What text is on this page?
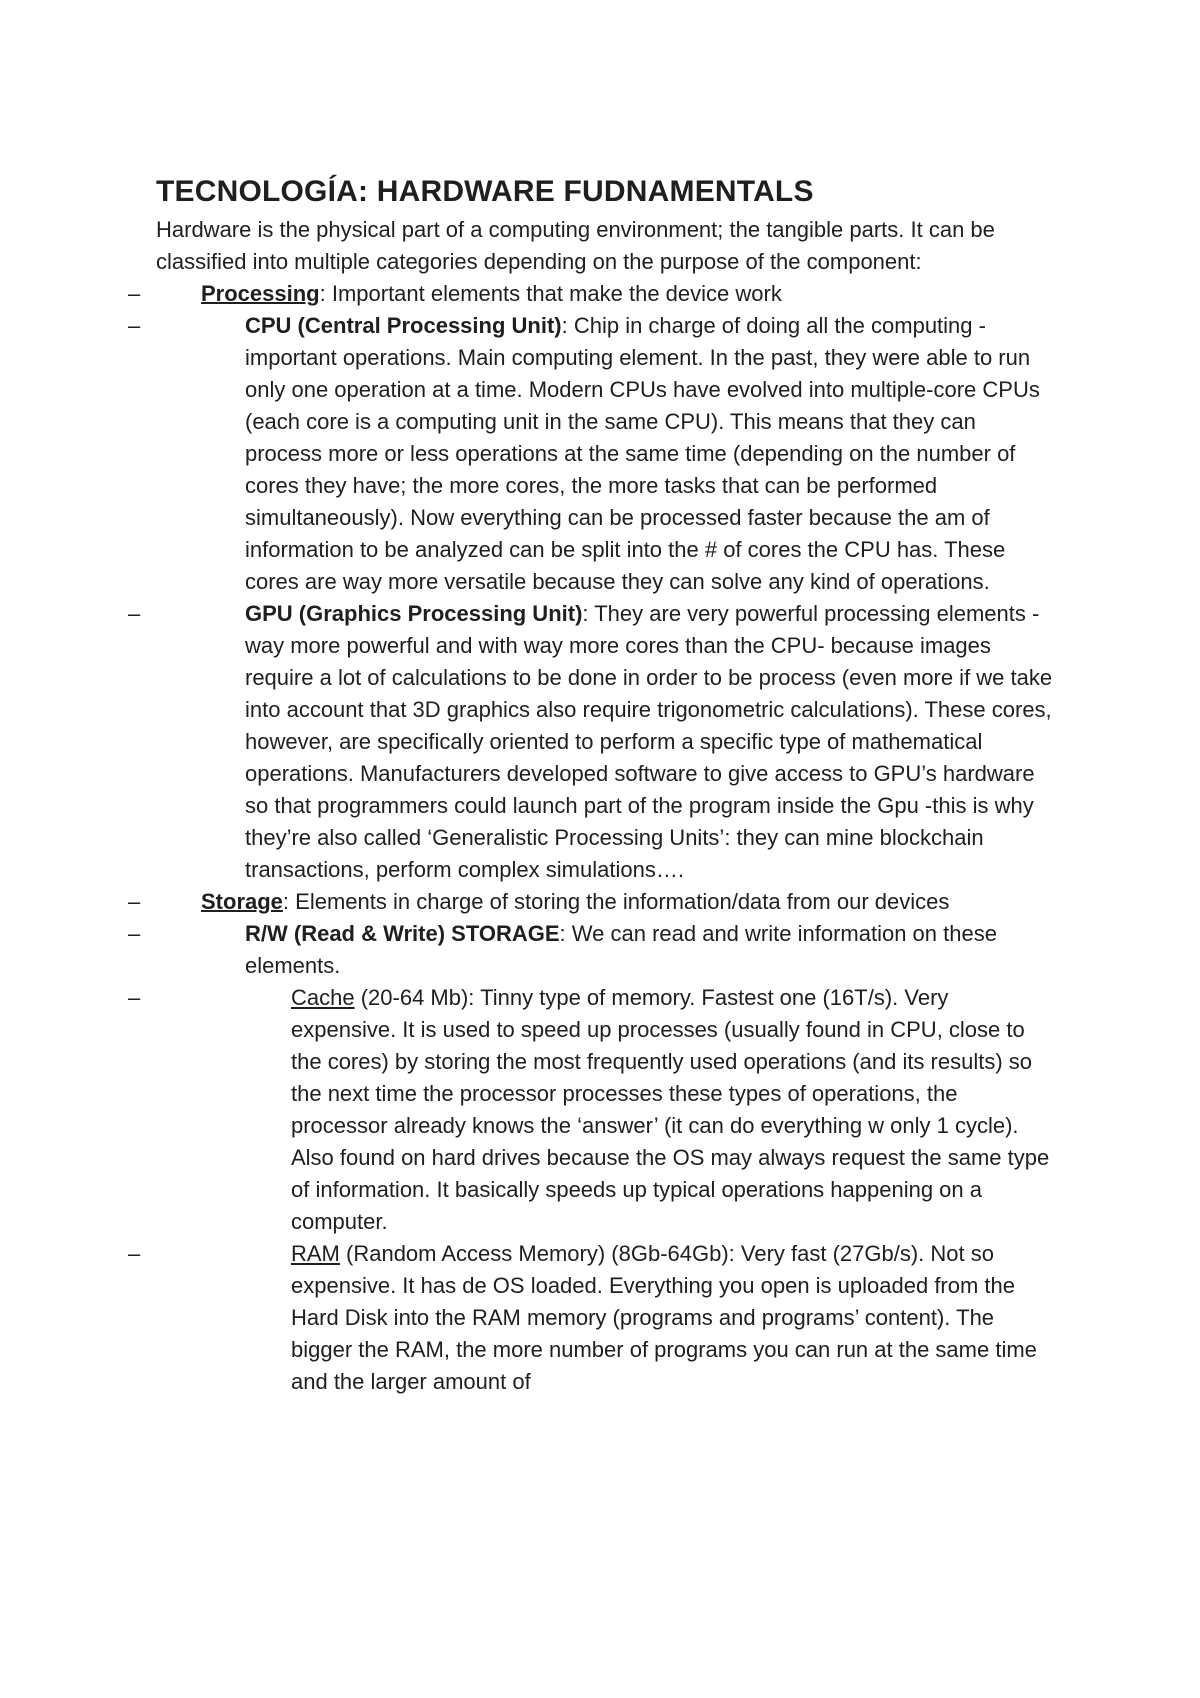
TECNOLOGÍA: HARDWARE FUDNAMENTALS

Hardware is the physical part of a computing environment; the tangible parts. It can be classified into multiple categories depending on the purpose of the component:

–	Processing: Important elements that make the device work
–	CPU (Central Processing Unit): Chip in charge of doing all the computing -important operations. Main computing element. In the past, they were able to run only one operation at a time. Modern CPUs have evolved into multiple-core CPUs (each core is a computing unit in the same CPU). This means that they can process more or less operations at the same time (depending on the number of cores they have; the more cores, the more tasks that can be performed simultaneously). Now everything can be processed faster because the am of information to be analyzed can be split into the # of cores the CPU has. These cores are way more versatile because they can solve any kind of operations.
–	GPU (Graphics Processing Unit): They are very powerful processing elements -way more powerful and with way more cores than the CPU- because images require a lot of calculations to be done in order to be process (even more if we take into account that 3D graphics also require trigonometric calculations). These cores, however, are specifically oriented to perform a specific type of mathematical operations. Manufacturers developed software to give access to GPU’s hardware so that programmers could launch part of the program inside the Gpu -this is why they’re also called ‘Generalistic Processing Units’: they can mine blockchain transactions, perform complex simulations….
–	Storage: Elements in charge of storing the information/data from our devices
–	R/W (Read & Write) STORAGE: We can read and write information on these elements.
–	Cache (20-64 Mb): Tinny type of memory. Fastest one (16T/s). Very expensive. It is used to speed up processes (usually found in CPU, close to the cores) by storing the most frequently used operations (and its results) so the next time the processor processes these types of operations, the processor already knows the ‘answer’ (it can do everything w only 1 cycle). Also found on hard drives because the OS may always request the same type of information. It basically speeds up typical operations happening on a computer.
–	RAM (Random Access Memory) (8Gb-64Gb): Very fast (27Gb/s). Not so expensive. It has de OS loaded. Everything you open is uploaded from the Hard Disk into the RAM memory (programs and programs’ content). The bigger the RAM, the more number of programs you can run at the same time and the larger amount of
